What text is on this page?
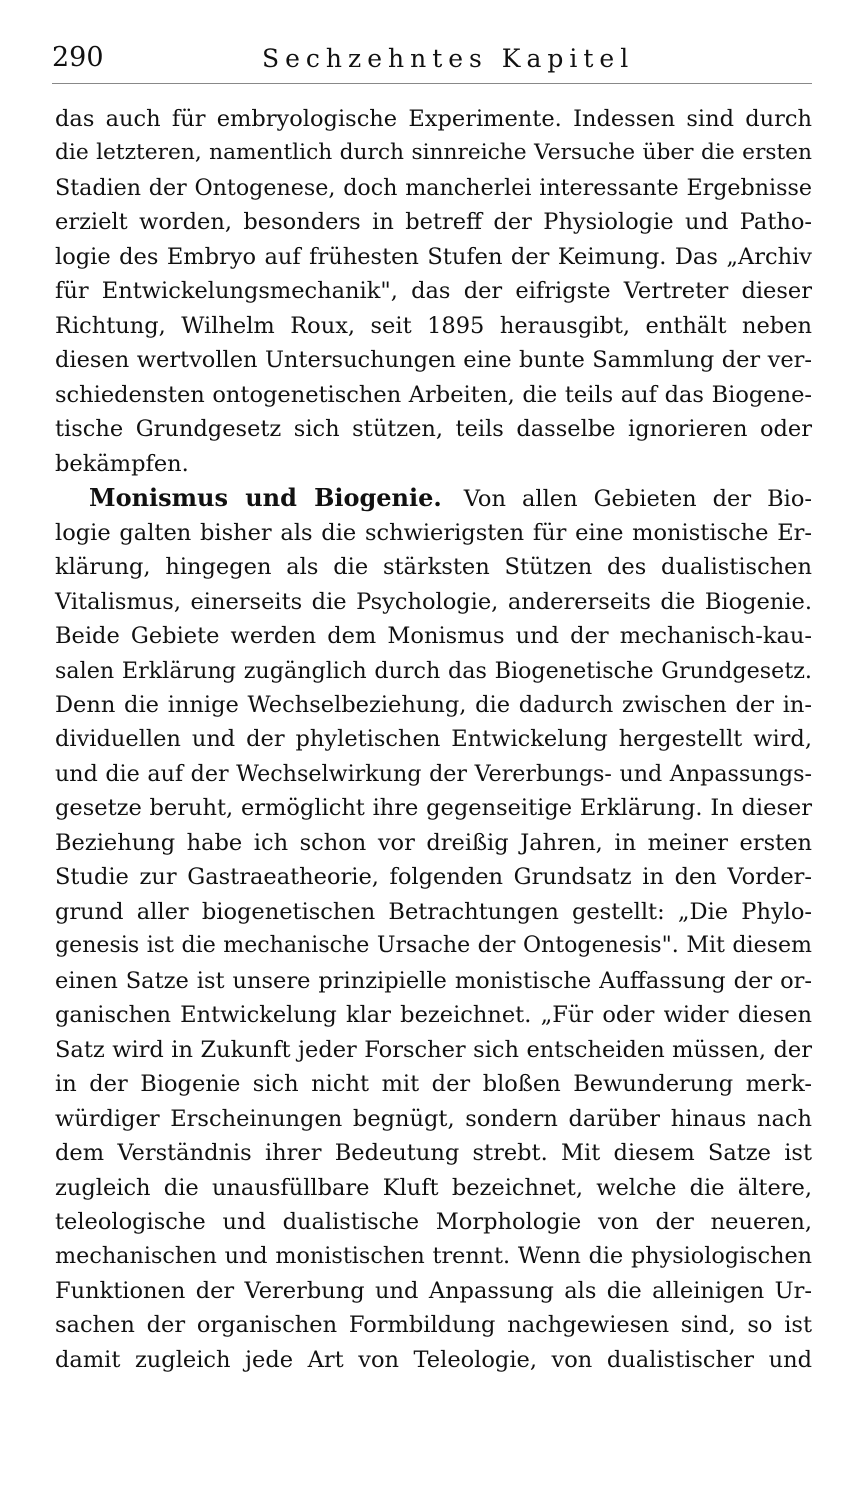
290	Sechzehntes Kapitel
das auch für embryologische Experimente. Indessen sind durch
die letzteren, namentlich durch sinnreiche Versuche über die ersten
Stadien der Ontogenese, doch mancherlei interessante Ergebnisse
erzielt worden, besonders in betreff der Physiologie und Patho-
logie des Embryo auf frühesten Stufen der Keimung. Das „Archiv
für Entwickelungsmechanik", das der eifrigste Vertreter dieser
Richtung, Wilhelm Roux, seit 1895 herausgibt, enthält neben
diesen wertvollen Untersuchungen eine bunte Sammlung der ver-
schiedensten ontogenetischen Arbeiten, die teils auf das Biogene-
tische Grundgesetz sich stützen, teils dasselbe ignorieren oder
bekämpfen.
Monismus und Biogenie. Von allen Gebieten der Bio-
logie galten bisher als die schwierigsten für eine monistische Er-
klärung, hingegen als die stärksten Stützen des dualistischen
Vitalismus, einerseits die Psychologie, andererseits die Biogenie.
Beide Gebiete werden dem Monismus und der mechanisch-kau-
salen Erklärung zugänglich durch das Biogenetische Grundgesetz.
Denn die innige Wechselbeziehung, die dadurch zwischen der in-
dividuellen und der phyletischen Entwickelung hergestellt wird,
und die auf der Wechselwirkung der Vererbungs- und Anpassungs-
gesetze beruht, ermöglicht ihre gegenseitige Erklärung. In dieser
Beziehung habe ich schon vor dreißig Jahren, in meiner ersten
Studie zur Gastraeatheorie, folgenden Grundsatz in den Vorder-
grund aller biogenetischen Betrachtungen gestellt: „Die Phylo-
genesis ist die mechanische Ursache der Ontogenesis". Mit diesem
einen Satze ist unsere prinzipielle monistische Auffassung der or-
ganischen Entwickelung klar bezeichnet. „Für oder wider diesen
Satz wird in Zukunft jeder Forscher sich entscheiden müssen, der
in der Biogenie sich nicht mit der bloßen Bewunderung merk-
würdiger Erscheinungen begnügt, sondern darüber hinaus nach
dem Verständnis ihrer Bedeutung strebt. Mit diesem Satze ist
zugleich die unausfüllbare Kluft bezeichnet, welche die ältere,
teleologische und dualistische Morphologie von der neueren,
mechanischen und monistischen trennt. Wenn die physiologischen
Funktionen der Vererbung und Anpassung als die alleinigen Ur-
sachen der organischen Formbildung nachgewiesen sind, so ist
damit zugleich jede Art von Teleologie, von dualistischer und
